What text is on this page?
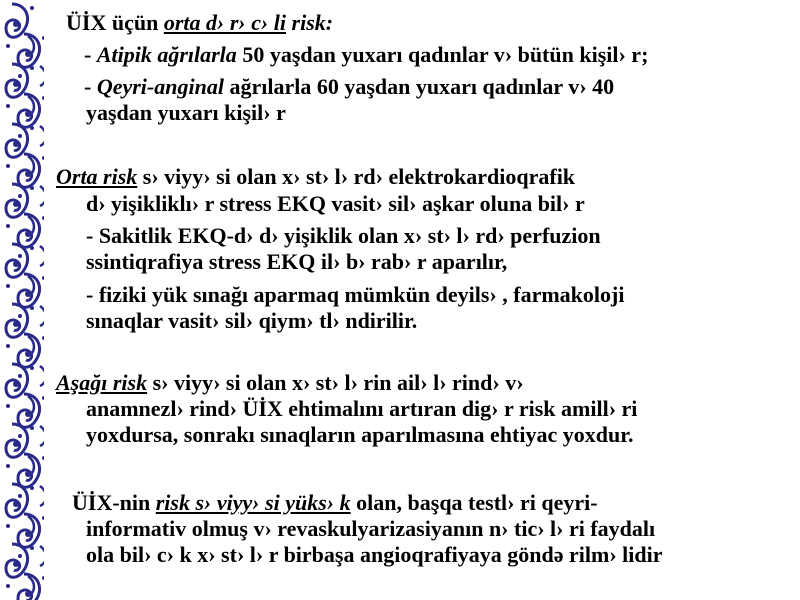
ÜİX üçün orta d› r› c› li risk:
- Atipik ağrılarla 50 yaşdan yuxarı qadınlar v› bütün kişil› r;
- Qeyri-anginal ağrılarla 60 yaşdan yuxarı qadınlar v› 40
yaşdan yuxarı kişil› r
Orta risk s› viyy› si olan x› st› l› rd› elektrokardioqrafik
d› yişikliklı› r stress EKQ vasit› sil› aşkar oluna bil› r
- Sakitlik EKQ-d› d› yişiklik olan x› st› l› rd› perfuzion
ssintiqrafiya stress EKQ il› b› rab› r aparılır,
- fiziki yük sınağı aparmaq mümkün deyils› , farmakoloji
sınaqlar vasit› sil› qiym› tl› ndirilir.
Aşağı risk s› viyy› si olan x› st› l› rin ail› l› rind› v›
anamnezl› rind› ÜİX ehtimalını artıran dig› r risk amill› ri
yoxdursa, sonrakı sınaqların aparılmasına ehtiyac yoxdur.
ÜİX-nin risk s› viyy› si yüks› k olan, başqa testl› ri qeyri-
informativ olmuş v› revaskulyarizasiyanın n› tic› l› ri faydalı
ola bil› c› k x› st› l› r birbaşa angioqrafiyaya göndə rilm› lidir
